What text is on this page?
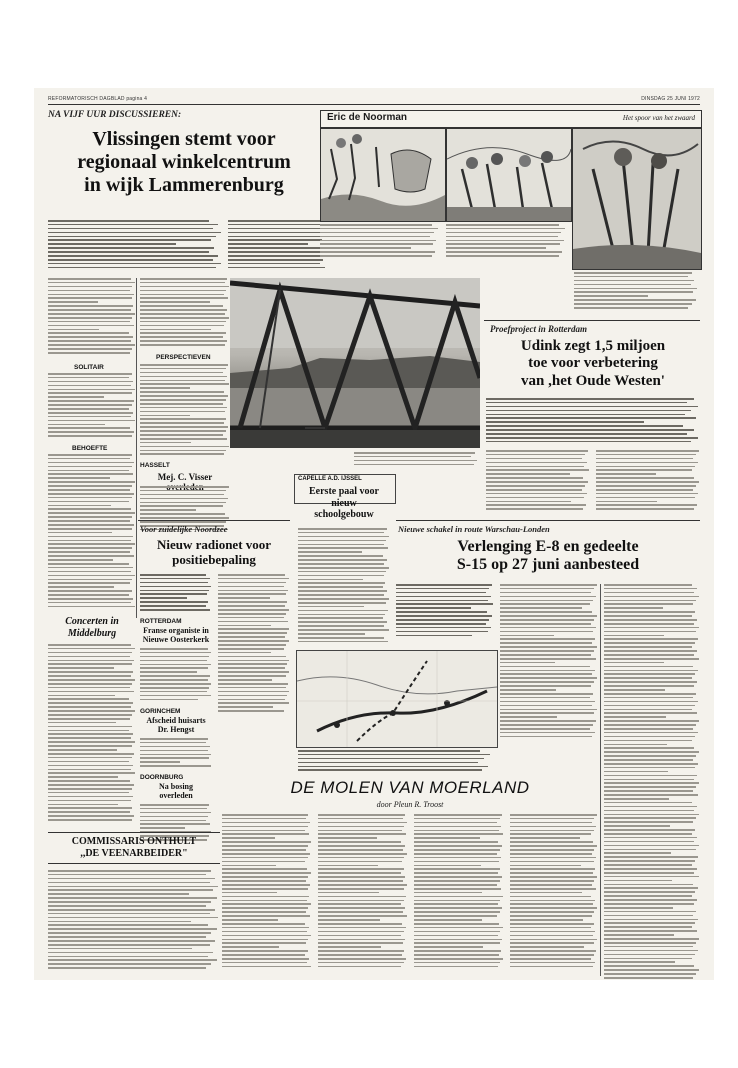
REFORMATORISCH DAGBLAD pagina 4	DINSDAG 25 JUNI 1972
NA VIJF UUR DISCUSSIEREN:
Vlissingen stemt voor
regionaal winkelcentrum
in wijk Lammerenburg
SOLITAIR
BEHOEFTE
PERSPECTIEVEN
HASSELT
Mej. C. Visser
Eric de Noorman	Het spoor van het zwaard
Proefproject in Rotterdam
Udink zegt 1,5 miljoen
toe voor verbetering
van ,het Oude Westen'
Voor zuidelijke Noordzee
Nieuw radionet voor
positiebepaling
ROTTERDAM
Franse organiste in
Nieuwe Oosterkerk
GORINCHEM
Afscheid huisarts
Dr. Hengst
DOORNBURG
Na bosing
overleden
CAPELLE A.D. IJSSEL
Eerste paal voor
nieuw
schoolgebouw
Nieuwe schakel in route Warschau-Londen
Verlenging E-8 en gedeelte
S-15 op 27 juni aanbesteed
Concerten in
Middelburg
COMMISSARIS ONTHULT
,,DE VEENARBEIDER"
DE MOLEN VAN MOERLAND
door Pleun R. Troost
